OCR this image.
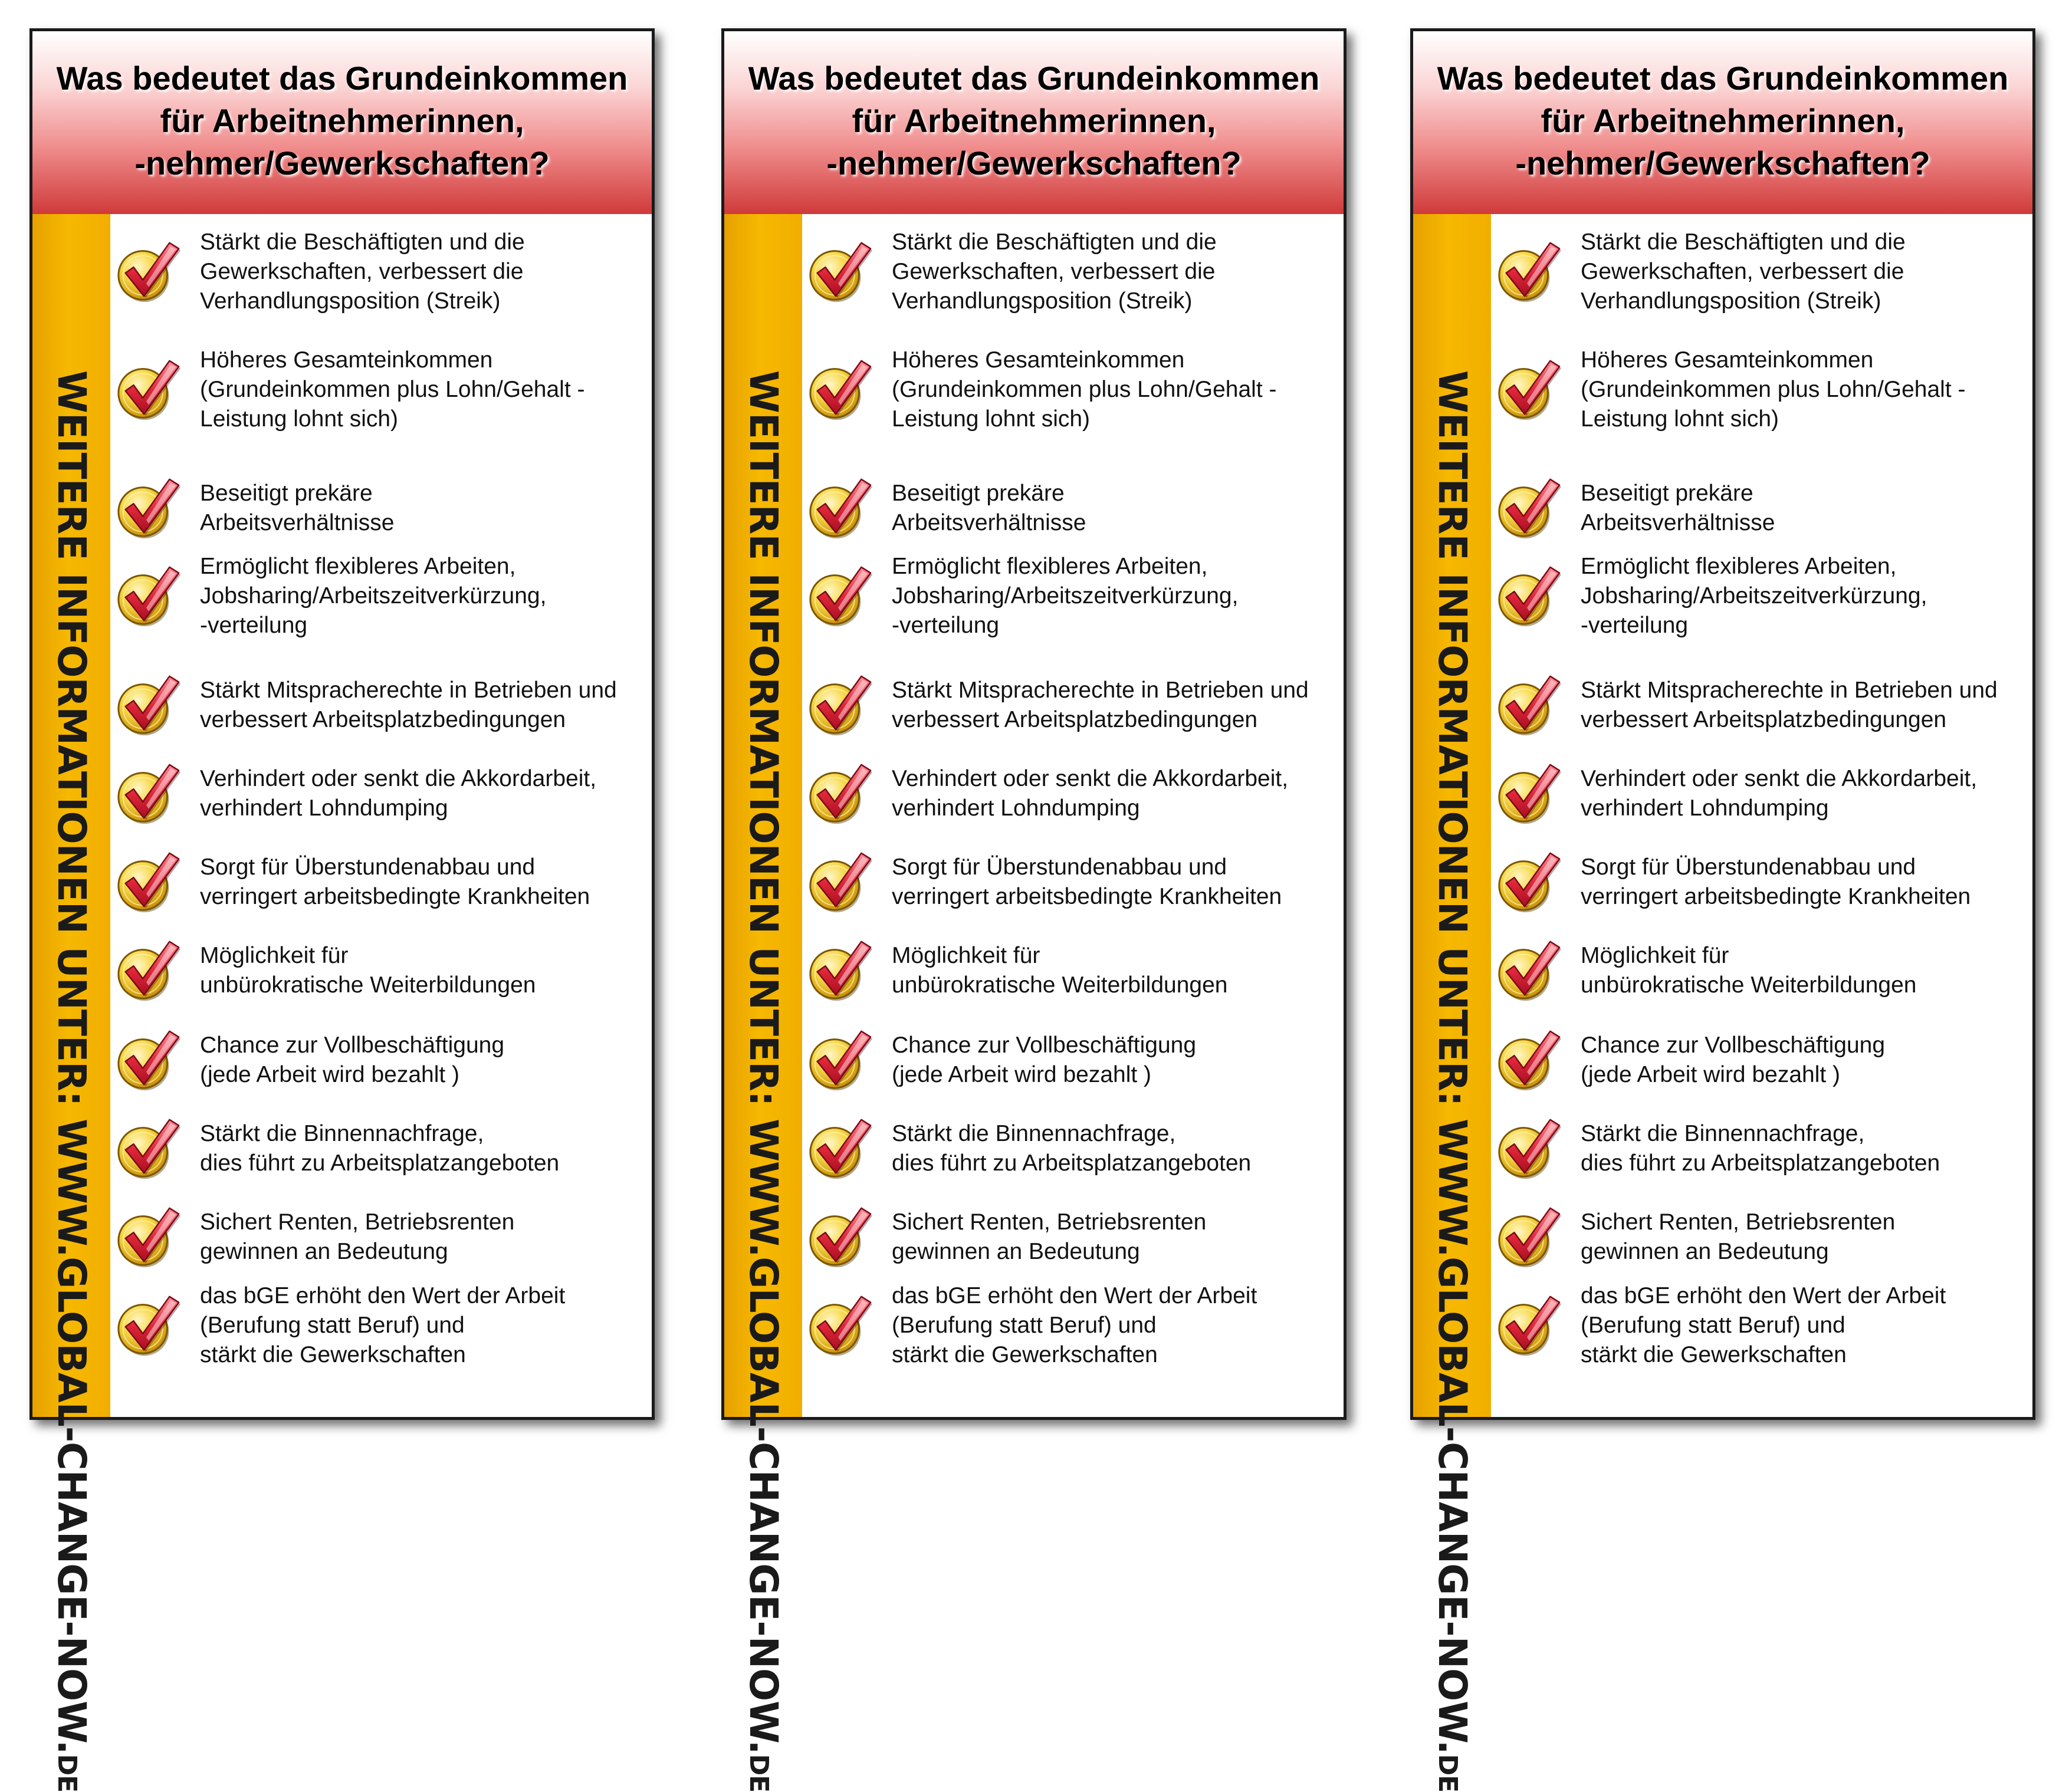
Was bedeutet das Grundeinkommen
für Arbeitnehmerinnen,
-nehmer/Gewerkschaften?
WEITERE INFORMATIONEN UNTER: WWW.GLOBAL-CHANGE-NOW.DE
Stärkt die Beschäftigten und die
Gewerkschaften, verbessert die
Verhandlungsposition (Streik)
Höheres Gesamteinkommen
(Grundeinkommen plus Lohn/Gehalt -
Leistung lohnt sich)
Beseitigt prekäre
Arbeitsverhältnisse
Ermöglicht flexibleres Arbeiten,
Jobsharing/Arbeitszeitverkürzung,
-verteilung
Stärkt Mitspracherechte in Betrieben und
verbessert Arbeitsplatzbedingungen
Verhindert oder senkt die Akkordarbeit,
verhindert Lohndumping
Sorgt für Überstundenabbau und
verringert arbeitsbedingte Krankheiten
Möglichkeit für
unbürokratische Weiterbildungen
Chance zur Vollbeschäftigung
(jede Arbeit wird bezahlt )
Stärkt die Binnennachfrage,
dies führt zu Arbeitsplatzangeboten
Sichert Renten, Betriebsrenten
gewinnen an Bedeutung
das bGE erhöht den Wert der Arbeit
(Berufung statt Beruf) und
stärkt die Gewerkschaften
Was bedeutet das Grundeinkommen
für Arbeitnehmerinnen,
-nehmer/Gewerkschaften?
WEITERE INFORMATIONEN UNTER: WWW.GLOBAL-CHANGE-NOW.DE
Stärkt die Beschäftigten und die
Gewerkschaften, verbessert die
Verhandlungsposition (Streik)
Höheres Gesamteinkommen
(Grundeinkommen plus Lohn/Gehalt -
Leistung lohnt sich)
Beseitigt prekäre
Arbeitsverhältnisse
Ermöglicht flexibleres Arbeiten,
Jobsharing/Arbeitszeitverkürzung,
-verteilung
Stärkt Mitspracherechte in Betrieben und
verbessert Arbeitsplatzbedingungen
Verhindert oder senkt die Akkordarbeit,
verhindert Lohndumping
Sorgt für Überstundenabbau und
verringert arbeitsbedingte Krankheiten
Möglichkeit für
unbürokratische Weiterbildungen
Chance zur Vollbeschäftigung
(jede Arbeit wird bezahlt )
Stärkt die Binnennachfrage,
dies führt zu Arbeitsplatzangeboten
Sichert Renten, Betriebsrenten
gewinnen an Bedeutung
das bGE erhöht den Wert der Arbeit
(Berufung statt Beruf) und
stärkt die Gewerkschaften
Was bedeutet das Grundeinkommen
für Arbeitnehmerinnen,
-nehmer/Gewerkschaften?
WEITERE INFORMATIONEN UNTER: WWW.GLOBAL-CHANGE-NOW.DE
Stärkt die Beschäftigten und die
Gewerkschaften, verbessert die
Verhandlungsposition (Streik)
Höheres Gesamteinkommen
(Grundeinkommen plus Lohn/Gehalt -
Leistung lohnt sich)
Beseitigt prekäre
Arbeitsverhältnisse
Ermöglicht flexibleres Arbeiten,
Jobsharing/Arbeitszeitverkürzung,
-verteilung
Stärkt Mitspracherechte in Betrieben und
verbessert Arbeitsplatzbedingungen
Verhindert oder senkt die Akkordarbeit,
verhindert Lohndumping
Sorgt für Überstundenabbau und
verringert arbeitsbedingte Krankheiten
Möglichkeit für
unbürokratische Weiterbildungen
Chance zur Vollbeschäftigung
(jede Arbeit wird bezahlt )
Stärkt die Binnennachfrage,
dies führt zu Arbeitsplatzangeboten
Sichert Renten, Betriebsrenten
gewinnen an Bedeutung
das bGE erhöht den Wert der Arbeit
(Berufung statt Beruf) und
stärkt die Gewerkschaften
